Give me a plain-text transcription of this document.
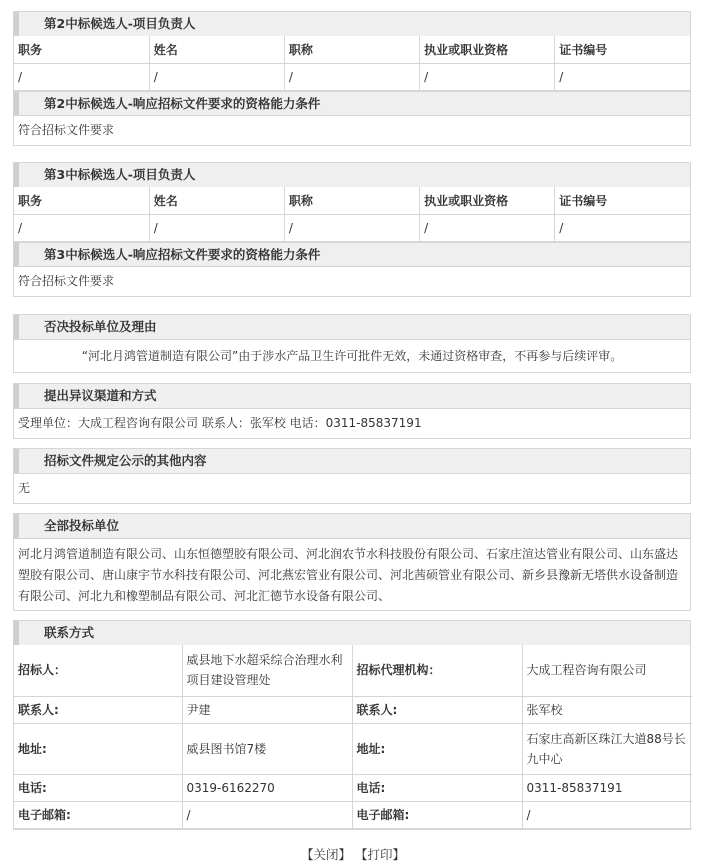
第2中标候选人-项目负责人
职务	姓名	职称	执业或职业资格	证书编号
/	/	/	/	/
第2中标候选人-响应招标文件要求的资格能力条件
符合招标文件要求
第3中标候选人-项目负责人
职务	姓名	职称	执业或职业资格	证书编号
/	/	/	/	/
第3中标候选人-响应招标文件要求的资格能力条件
符合招标文件要求
否决投标单位及理由
“河北月鸿管道制造有限公司”由于涉水产品卫生许可批件无效，未通过资格审查，不再参与后续评审。
提出异议渠道和方式
受理单位：大成工程咨询有限公司 联系人：张军校 电话：0311-85837191
招标文件规定公示的其他内容
无
全部投标单位
河北月鸿管道制造有限公司、山东恒德塑胶有限公司、河北润农节水科技股份有限公司、石家庄渲达管业有限公司、山东盛达塑胶有限公司、唐山康宇节水科技有限公司、河北燕宏管业有限公司、河北茜硕管业有限公司、新乡县豫新无塔供水设备制造有限公司、河北九和橡塑制品有限公司、河北汇德节水设备有限公司、
联系方式
招标人：	威县地下水超采综合治理水利项目建设管理处	招标代理机构：	大成工程咨询有限公司
联系人:	尹建	联系人:	张军校
地址:	威县图书馆7楼	地址:	石家庄高新区珠江大道88号长九中心
电话:	0319-6162270	电话:	0311-85837191
电子邮箱:	/	电子邮箱:	/
【关闭】 【打印】
